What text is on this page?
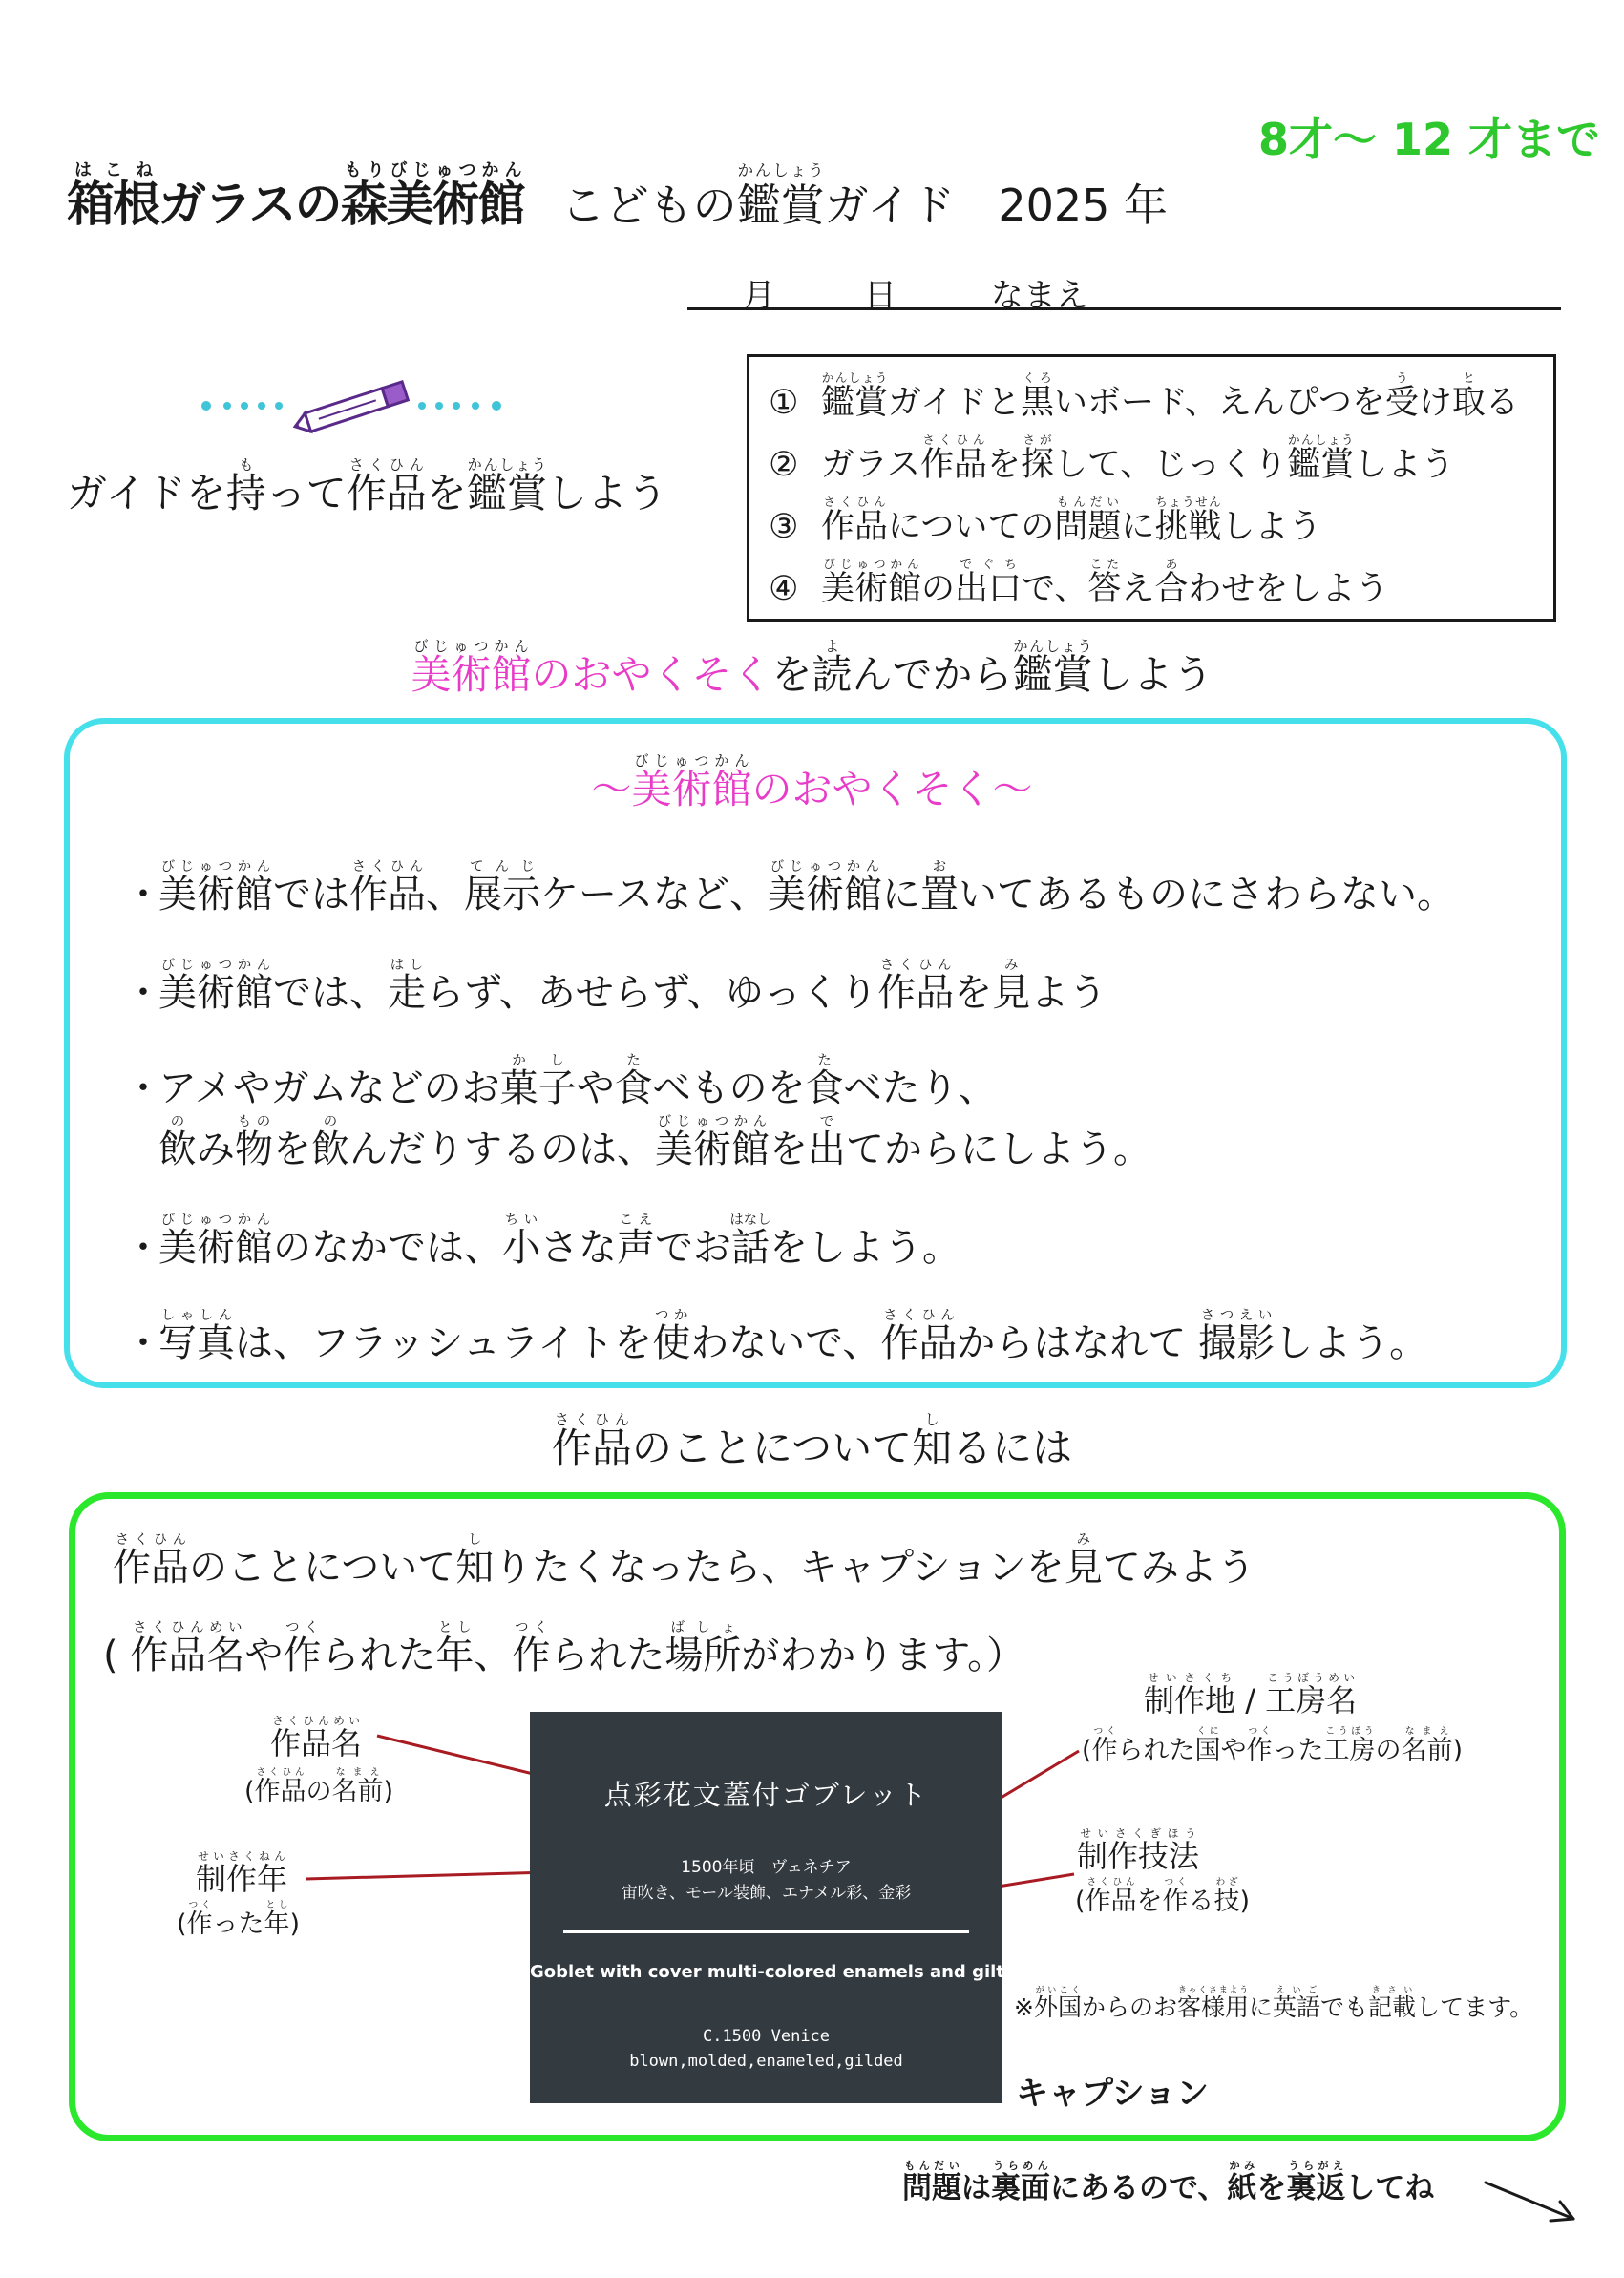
8才〜 12 才まで
箱根はこねガラスの森もり美術館びじゅつかん こどもの鑑賞かんしょうガイド 2025 年
月	日	なまえ
ガイドを持もって作品さくひんを鑑賞かんしょうしよう
① 鑑賞かんしょうガイドと黒くろいボード、えんぴつを受うけ取とる
② ガラス作品さくひんを探さがして、じっくり鑑賞かんしょうしよう
③ 作品さくひんについての問題もんだいに挑戦ちょうせんしよう
④ 美術館びじゅつかんの出口でぐちで、答こたえ合あわせをしよう
美術館びじゅつかんのおやくそくを読よんでから鑑賞かんしょうしよう
〜美術館びじゅつかんのおやくそく〜
・美術館びじゅつかんでは作品さくひん、展示てんじケースなど、美術館びじゅつかんに置おいてあるものにさわらない。
・美術館びじゅつかんでは、走はしらず、あせらず、ゆっくり作品さくひんを見みよう
・アメやガムなどのお菓子かしや食たべものを食たべたり、
飲のみ物ものを飲のんだりするのは、美術館びじゅつかんを出でてからにしよう。
・美術館びじゅつかんのなかでは、小ちいさな声こえでお話はなしをしよう。
・写真しゃしんは、フラッシュライトを使つかわないで、作品さくひんからはなれて 撮影さつえいしよう。
作品さくひんのことについて知しるには
作品さくひんのことについて知しりたくなったら、キャプションを見みてみよう
( 作品名さくひんめいや作つくられた年とし、作つくられた場所ばしょがわかります。）
点彩花文蓋付ゴブレット
1500年頃　ヴェネチア
宙吹き、モール装飾、エナメル彩、金彩
Goblet with cover multi-colored enamels and gilt
C.1500 Venice
blown,molded,enameled,gilded
作品名さくひんめい
(作品さくひんの名前なまえ)
制作年せいさくねん
(作つくった年とし)
制作地せいさくち / 工房名こうぼうめい
(作つくられた国くにや作つくった工房こうぼうの名前なまえ)
制作技法せいさくぎほう
(作品さくひんを作つくる技わざ)
※外国がいこくからのお客様用きゃくさまように英語えいごでも記載きさいしてます。
キャプション
問題もんだいは裏面うらめんにあるので、紙かみを裏返うらがえしてね
